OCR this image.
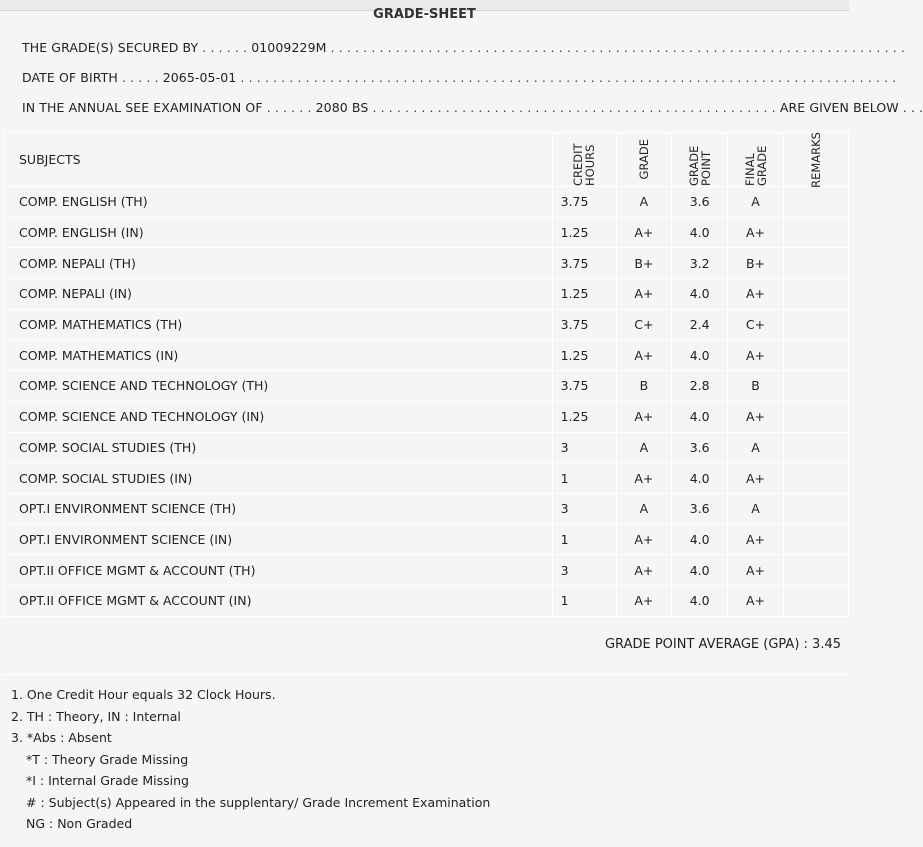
GRADE-SHEET
THE GRADE(S) SECURED BY . . . . . . 01009229M . . . . . . . . . . . . . . . . . . . . . . . . . . . . . . . . . . . . . . . . . . . . . . . . . . . . . . . . . . . . . . . . . . . . . . .
DATE OF BIRTH . . . . . 2065-05-01 . . . . . . . . . . . . . . . . . . . . . . . . . . . . . . . . . . . . . . . . . . . . . . . . . . . . . . . . . . . . . . . . . . . . . . . . . . . . . . . . .
IN THE ANNUAL SEE EXAMINATION OF . . . . . . 2080 BS . . . . . . . . . . . . . . . . . . . . . . . . . . . . . . . . . . . . . . . . . . . . . . . . . . ARE GIVEN BELOW . . .
SUBJECTS	CREDIT HOURS	GRADE	GRADE POINT	FINAL GRADE	REMARKS

COMP. ENGLISH (TH)	3.75	A	3.6	A	
COMP. ENGLISH (IN)	1.25	A+	4.0	A+	
COMP. NEPALI (TH)	3.75	B+	3.2	B+	
COMP. NEPALI (IN)	1.25	A+	4.0	A+	
COMP. MATHEMATICS (TH)	3.75	C+	2.4	C+	
COMP. MATHEMATICS (IN)	1.25	A+	4.0	A+	
COMP. SCIENCE AND TECHNOLOGY (TH)	3.75	B	2.8	B	
COMP. SCIENCE AND TECHNOLOGY (IN)	1.25	A+	4.0	A+	
COMP. SOCIAL STUDIES (TH)	3	A	3.6	A	
COMP. SOCIAL STUDIES (IN)	1	A+	4.0	A+	
OPT.I ENVIRONMENT SCIENCE (TH)	3	A	3.6	A	
OPT.I ENVIRONMENT SCIENCE (IN)	1	A+	4.0	A+	
OPT.II OFFICE MGMT & ACCOUNT (TH)	3	A+	4.0	A+	
OPT.II OFFICE MGMT & ACCOUNT (IN)	1	A+	4.0	A+	
GRADE POINT AVERAGE (GPA) : 3.45
1. One Credit Hour equals 32 Clock Hours.
2. TH : Theory, IN : Internal
3. *Abs : Absent
*T : Theory Grade Missing
*I : Internal Grade Missing
# : Subject(s) Appeared in the supplentary/ Grade Increment Examination
NG : Non Graded
